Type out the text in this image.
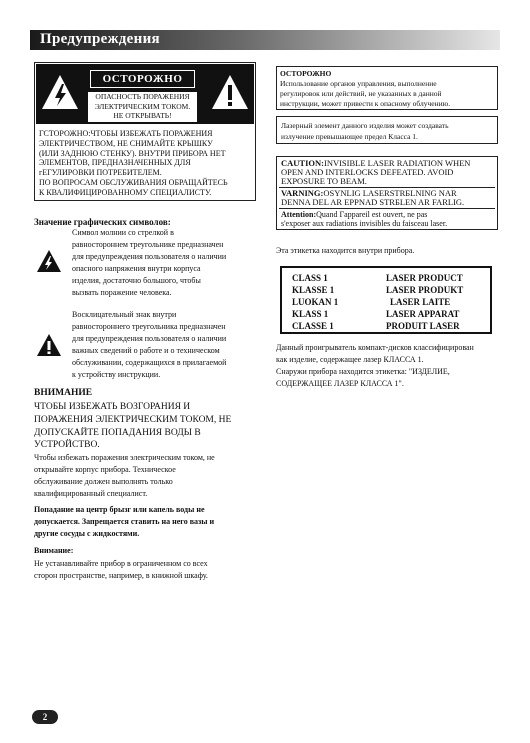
Предупреждения
ОСТОРОЖНО
ОПАСНОСТЬ ПОРАЖЕНИЯ
ЭЛЕКТРИЧЕСКИМ ТОКОМ.
НЕ ОТКРЫВАТЬ!
ГСТОРОЖНО:ЧТОБЫ ИЗБЕЖАТЬ ПОРАЖЕНИЯ
ЭЛЕКТРИЧЕСТВОМ, НЕ СНИМАЙТЕ КРЫШКУ
(ИЛИ ЗАДНЮЮ СТЕНКУ). ВНУТРИ ПРИБОРА НЕТ
ЭЛЕМЕНТОВ, ПРЕДНАЗНАЧЕННЫХ ДЛЯ
гЕГУЛИРОВКИ ПОТРЕБИТЕЛЕМ.
ПО ВОПРОСАМ ОБСЛУЖИВАНИЯ ОБРАЩАЙТЕСЬ
К КВАЛИФИЦИРОВАННОМУ СПЕЦИАЛИСТУ.
Значение графических символов:
Символ молнии со стрелкой в
равностороннем треугольнике предназначен
для предупреждения пользователя о наличии
опасного напряжения внутри корпуса
изделия, достаточно большого, чтобы
вызвать поражение человека.
Восклицательный знак внутри
равностороннего треугольника предназначен
для предупреждения пользователя о наличии
важных сведений о работе и о техническом
обслуживании, содержащихся в прилагаемой
к устройству инструкции.
ВНИМАНИЕ
ЧТОБЫ ИЗБЕЖАТЬ ВОЗГОРАНИЯ И
ПОРАЖЕНИЯ ЭЛЕКТРИЧЕСКИМ ТОКОМ, НЕ
ДОПУСКАЙТЕ ПОПАДАНИЯ ВОДЫ В
УСТРОЙСТВО.
Чтобы избежать поражения электрическим током, не
открывайте корпус прибора. Техническое
обслуживание должен выполнять только
квалифицированный специалист.
Попадание на центр брызг или капель воды не
допускается. Запрещается ставить на него вазы и
другие сосуды с жидкостями.
Внимание:
Не устанавливайте прибор в ограниченном со всех
сторон пространстве, например, в книжной шкафу.
ОСТОРОЖНО
Использование органов управления, выполнение
регулировок или действий, не указанных в данной
инструкции, может привести к опасному облучению.
Лазерный элемент данного изделия может создавать
излучение превышающее предел Класса 1.
CAUTION:INVISIBLE LASER RADIATION WHEN
OPEN AND INTERLOCKS DEFEATED. AVOID
EXPOSURE TO BEAM.
VARNING:OSYNLIG LASERSTRБLNING NAR
DENNA DEL AR EPPNAD STRБLEN AR FARLIG.
Attention:Quand Гappareil est ouvert, ne pas
s'exposer aux radiations invisibles du faisceau laser.
Эта этикетка находится внутри прибора.
CLASS 1	LASER PRODUCT
KLASSE 1	LASER PRODUKT
LUOKAN 1	LASER LAITE
KLASS 1	LASER APPARAT
CLASSE 1	PRODUIT LASER
Данный проигрыватель компакт-дисков классифицирован
как изделие, содержащее лазер КЛАССА 1.
Снаружи прибора находится этикетка: "ИЗДЕЛИЕ,
СОДЕРЖАЩЕЕ ЛАЗЕР КЛАССА 1".
2
